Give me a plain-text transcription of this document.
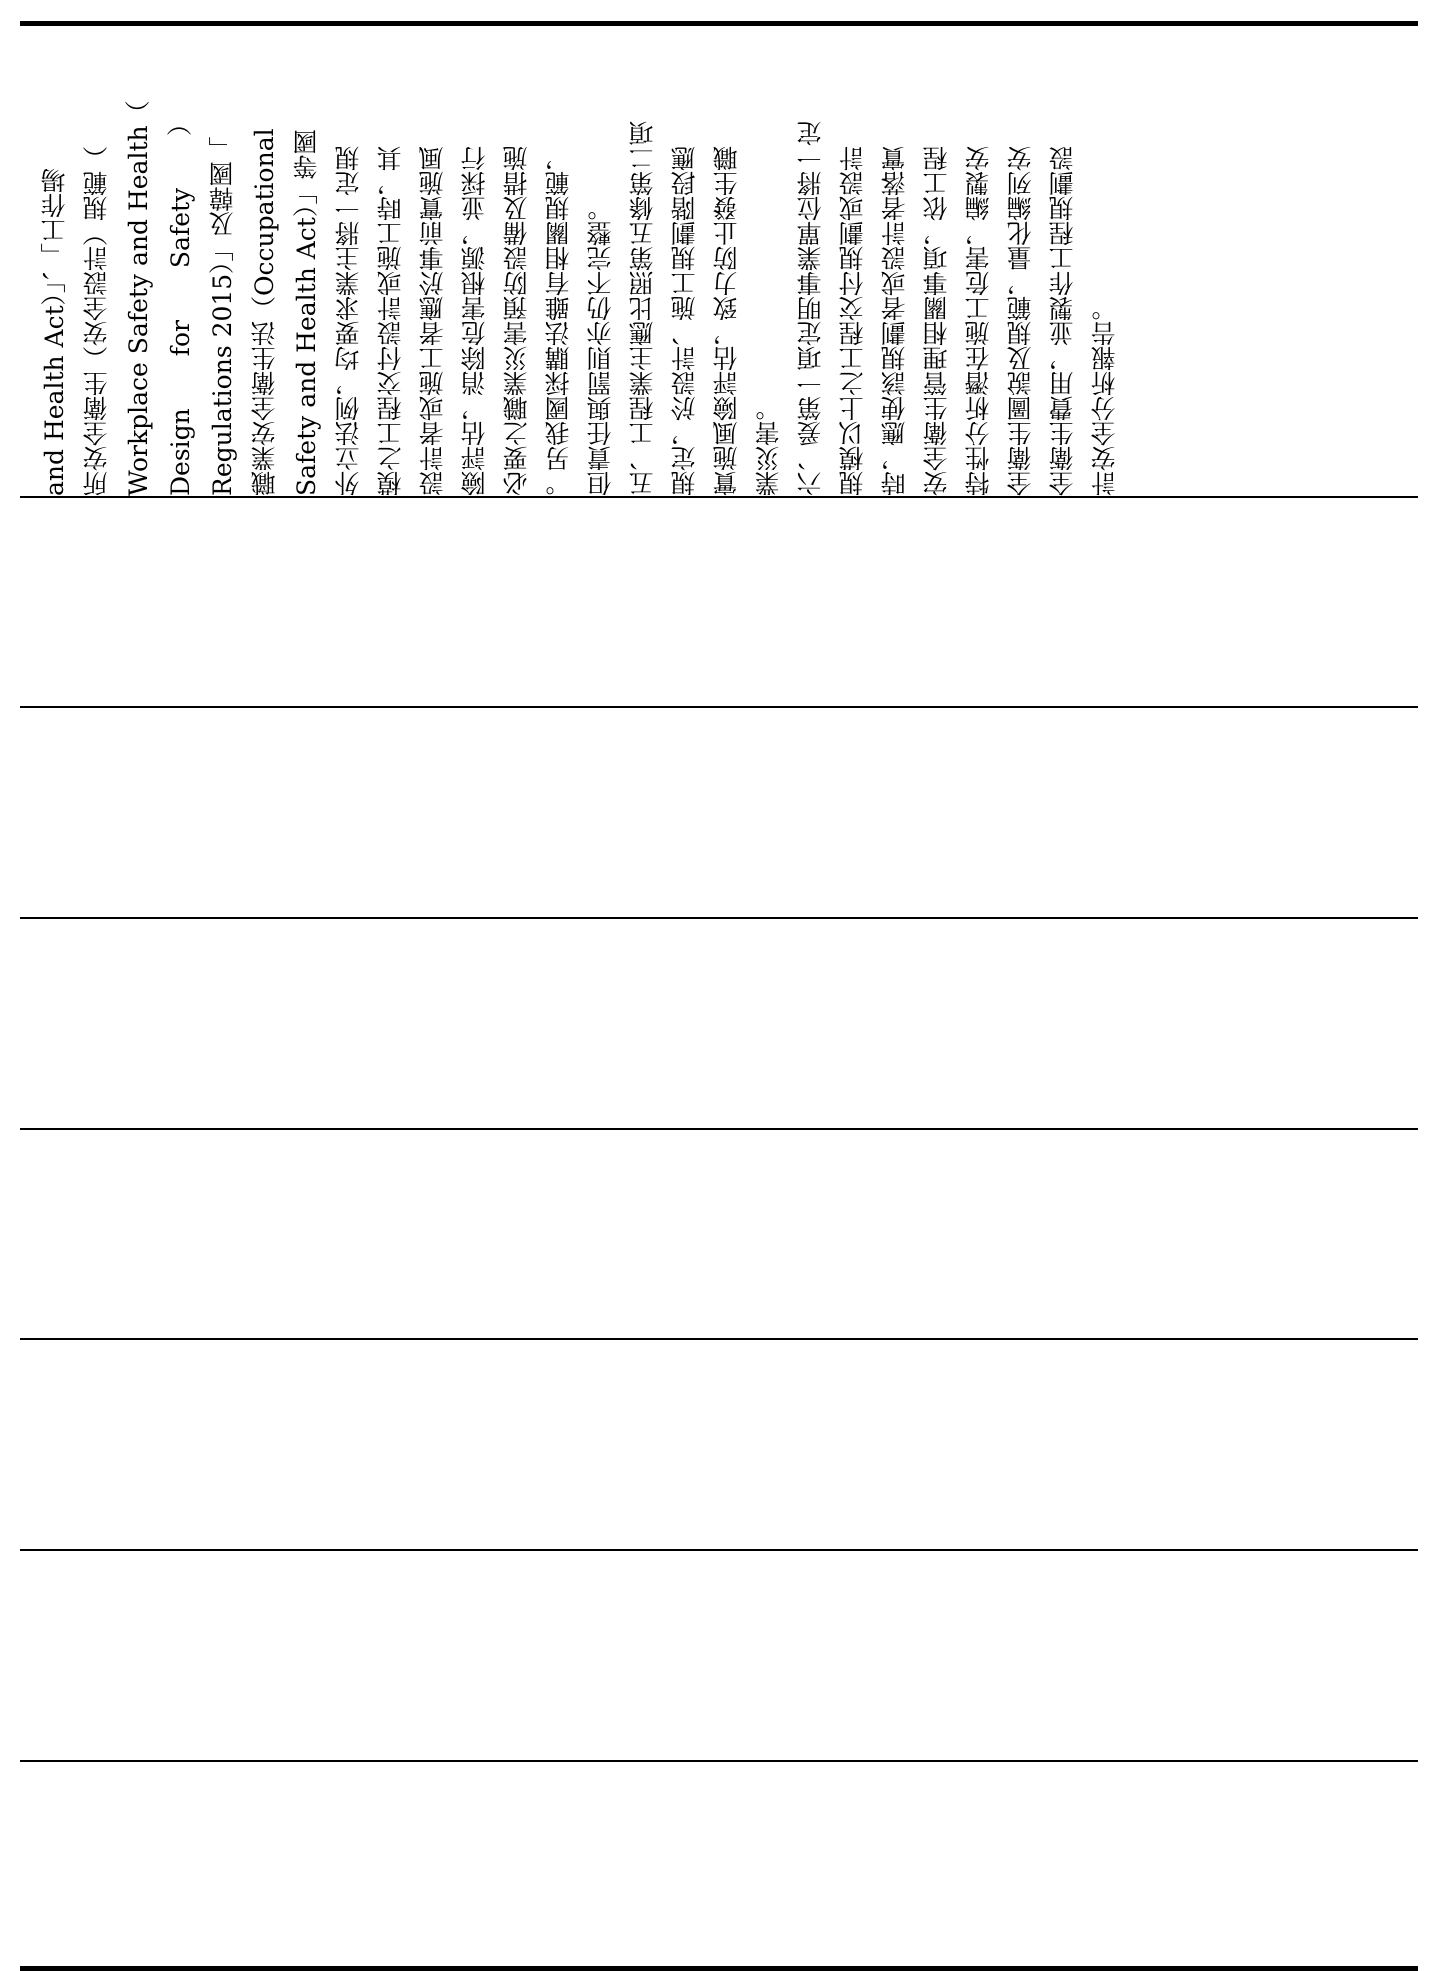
and Health Act）」、「工作場 所安全衛生（安全設計）規範（ Workplace Safety and Health（ Design for Safety ） Regulations 2015）」及韓國「 職業安全衛生法（Occupational Safety and Health Act）」等國 外立法例，均要求業主將一定規 模之工程交付設計或施工時，其 設計者或施工者應於事前實施風 險評估，消除危害根源，並採行 必要之職業災害預防設備及措施 。另我國採購法雖有相關規範， 但責任與罰則亦仍不完整。 五、工程業主應比照第五條第二項 規定，於設計、施工規劃階段應 實施風險評估，致力防止發生職 業災害。 六、爰第一項定明事業單位將一定 規模以上之工程交付規劃或設計 時，應使該規劃者或設計者落實 安全衛生管理相關事項，依工程 特性分析潛在施工危害，編製安 全衛生圖說及規範，量化編列安 全衛生費用，並製作工程規劃設 計安全分析報告。
